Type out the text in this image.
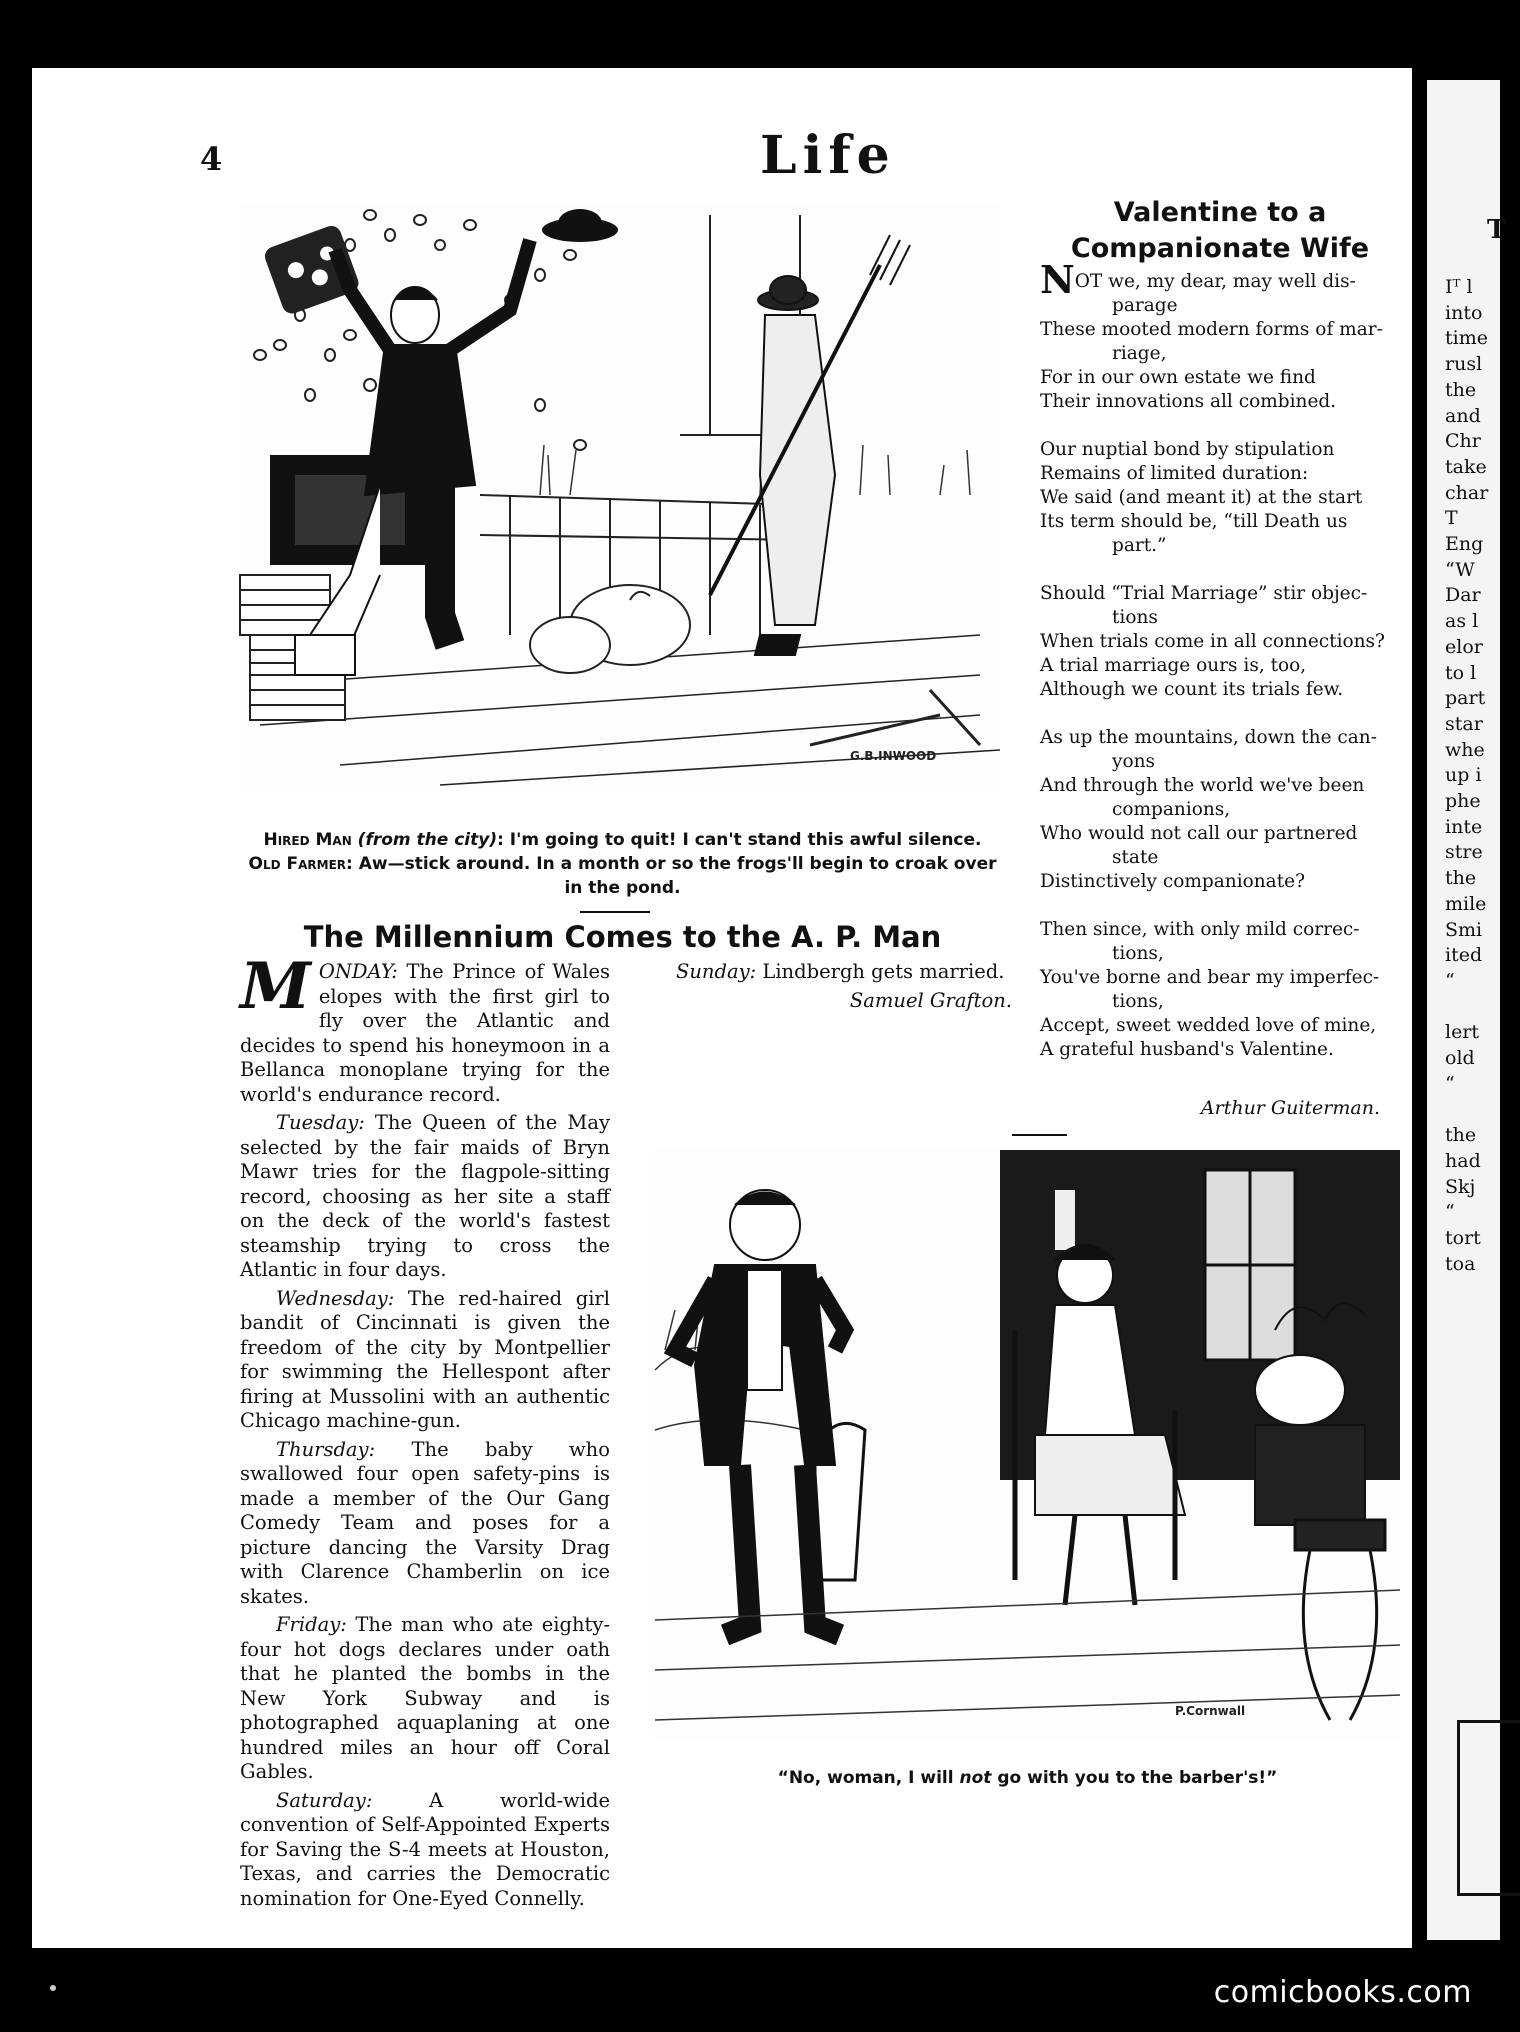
T
Iᵀ l
into
time
rusl
the
and
Chr
take
char
T
Eng
“W
Dar
as l
elor
to l
part
star
whe
up i
phe
inte
stre
the
mile
Smi
ited
“

lert
old
“

the
had
Skj
“
tort
toa
4	Life
G.B.INWOOD
Hired Man (from the city): I'm going to quit! I can't stand this awful silence.
Old Farmer: Aw—stick around. In a month or so the frogs'll begin to croak over in the pond.
The Millennium Comes to the A. P. Man

MONDAY: The Prince of Wales elopes with the first girl to fly over the Atlantic and decides to spend his honeymoon in a Bellanca monoplane trying for the world's endurance record.

Tuesday: The Queen of the May selected by the fair maids of Bryn Mawr tries for the flagpole-sitting record, choosing as her site a staff on the deck of the world's fastest steamship trying to cross the Atlantic in four days.

Wednesday: The red-haired girl bandit of Cincinnati is given the freedom of the city by Montpellier for swimming the Hellespont after firing at Mussolini with an authentic Chicago machine-gun.

Thursday: The baby who swallowed four open safety-pins is made a member of the Our Gang Comedy Team and poses for a picture dancing the Varsity Drag with Clarence Chamberlin on ice skates.

Friday: The man who ate eighty-four hot dogs declares under oath that he planted the bombs in the New York Subway and is photographed aquaplaning at one hundred miles an hour off Coral Gables.

Saturday: A world-wide convention of Self-Appointed Experts for Saving the S-4 meets at Houston, Texas, and carries the Democratic nomination for One-Eyed Connelly.

Sunday: Lindbergh gets married.

Samuel Grafton.
Valentine to a Companionate Wife
NOT we, my dear, may well dis-
parage
These mooted modern forms of mar-
riage,
For in our own estate we find
Their innovations all combined.
Our nuptial bond by stipulation
Remains of limited duration:
We said (and meant it) at the start
Its term should be, “till Death us
part.”
Should “Trial Marriage” stir objec-
tions
When trials come in all connections?
A trial marriage ours is, too,
Although we count its trials few.
As up the mountains, down the can-
yons
And through the world we've been
companions,
Who would not call our partnered
state
Distinctively companionate?
Then since, with only mild correc-
tions,
You've borne and bear my imperfec-
tions,
Accept, sweet wedded love of mine,
A grateful husband's Valentine.
Arthur Guiterman.
P.Cornwall
“No, woman, I will not go with you to the barber's!”
comicbooks.com
